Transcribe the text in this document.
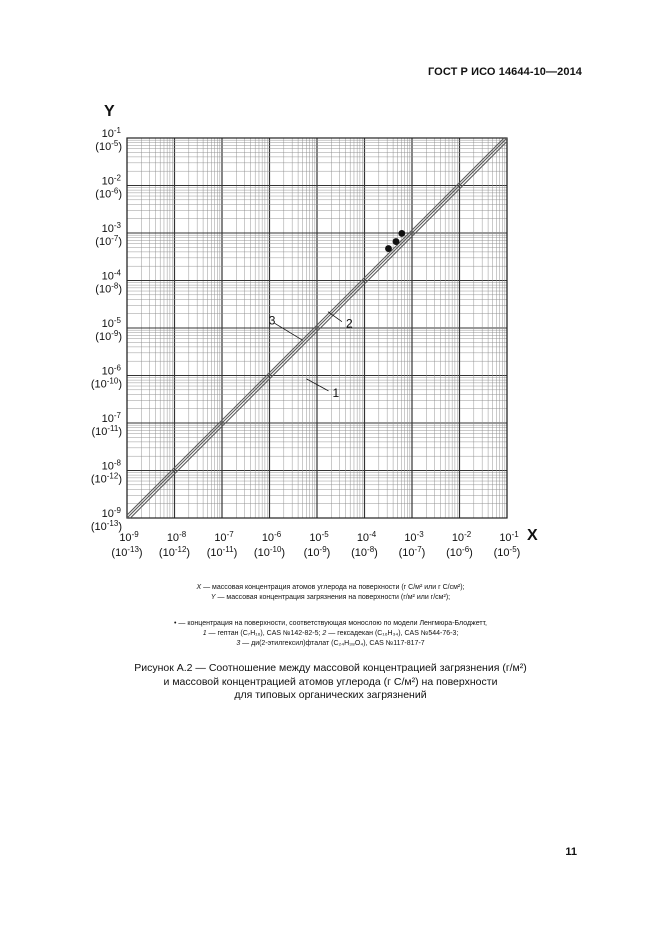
ГОСТ Р ИСО 14644-10—2014
1
2
3
$10^{-1}$
$(10^{-5})$
$10^{-2}$
$(10^{-6})$
$10^{-3}$
$(10^{-7})$
$10^{-4}$
$(10^{-8})$
$10^{-5}$
$(10^{-9})$
$10^{-6}$
$(10^{-10})$
$10^{-7}$
$(10^{-11})$
$10^{-8}$
$(10^{-12})$
$10^{-9}$
$(10^{-13})$
$10^{-9}$
$(10^{-13})$
$10^{-8}$
$(10^{-12})$
$10^{-7}$
$(10^{-11})$
$10^{-6}$
$(10^{-10})$
$10^{-5}$
$(10^{-9})$
$10^{-4}$
$(10^{-8})$
$10^{-3}$
$(10^{-7})$
$10^{-2}$
$(10^{-6})$
$10^{-1}$
$(10^{-5})$
Y
X
X — массовая концентрация атомов углерода на поверхности (г С/м² или г С/см²);
Y — массовая концентрация загрязнения на поверхности (г/м² или г/см²);
• — концентрация на поверхности, соответствующая монослою по модели Ленгмюра-Блоджетт,
1 — гептан (C₇H₁₆), CAS №142-82-5; 2 — гексадекан (C₁₆H₃₄), CAS №544-76-3;
3 — ди(2-этилгексил)фталат (C₂₄H₃₈O₄), CAS №117-817-7
Рисунок А.2 — Соотношение между массовой концентрацией загрязнения (г/м²)
и массовой концентрацией атомов углерода (г С/м²) на поверхности
для типовых органических загрязнений
11
